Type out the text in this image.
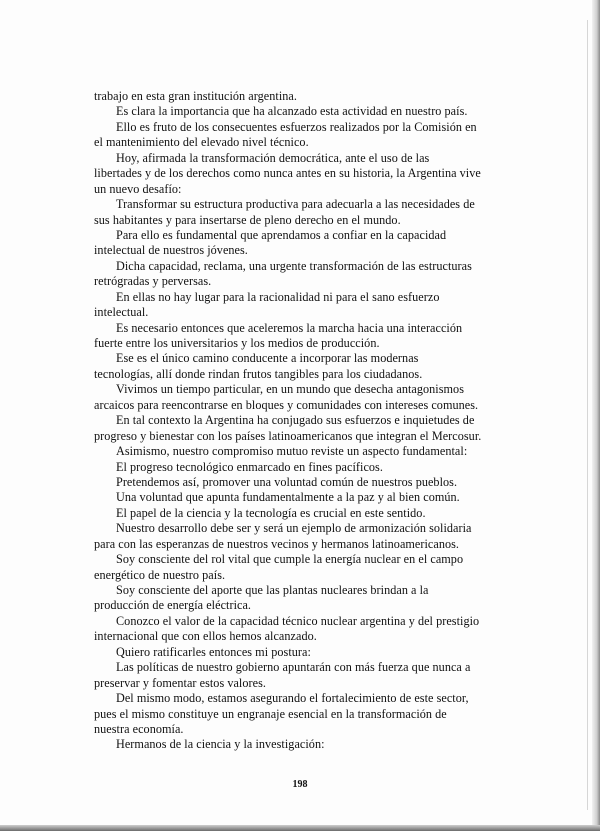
trabajo en esta gran institución argentina.
Es clara la importancia que ha alcanzado esta actividad en nuestro país.
Ello es fruto de los consecuentes esfuerzos realizados por la Comisión en
el mantenimiento del elevado nivel técnico.
Hoy, afirmada la transformación democrática, ante el uso de las
libertades y de los derechos como nunca antes en su historia, la Argentina vive
un nuevo desafío:
Transformar su estructura productiva para adecuarla a las necesidades de
sus habitantes y para insertarse de pleno derecho en el mundo.
Para ello es fundamental que aprendamos a confiar en la capacidad
intelectual de nuestros jóvenes.
Dicha capacidad, reclama, una urgente transformación de las estructuras
retrógradas y perversas.
En ellas no hay lugar para la racionalidad ni para el sano esfuerzo
intelectual.
Es necesario entonces que aceleremos la marcha hacia una interacción
fuerte entre los universitarios y los medios de producción.
Ese es el único camino conducente a incorporar las modernas
tecnologías, allí donde rindan frutos tangibles para los ciudadanos.
Vivimos un tiempo particular, en un mundo que desecha antagonismos
arcaicos para reencontrarse en bloques y comunidades con intereses comunes.
En tal contexto la Argentina ha conjugado sus esfuerzos e inquietudes de
progreso y bienestar con los países latinoamericanos que integran el Mercosur.
Asimismo, nuestro compromiso mutuo reviste un aspecto fundamental:
El progreso tecnológico enmarcado en fines pacíficos.
Pretendemos así, promover una voluntad común de nuestros pueblos.
Una voluntad que apunta fundamentalmente a la paz y al bien común.
El papel de la ciencia y la tecnología es crucial en este sentido.
Nuestro desarrollo debe ser y será un ejemplo de armonización solidaria
para con las esperanzas de nuestros vecinos y hermanos latinoamericanos.
Soy consciente del rol vital que cumple la energía nuclear en el campo
energético de nuestro país.
Soy consciente del aporte que las plantas nucleares brindan a la
producción de energía eléctrica.
Conozco el valor de la capacidad técnico nuclear argentina y del prestigio
internacional que con ellos hemos alcanzado.
Quiero ratificarles entonces mi postura:
Las políticas de nuestro gobierno apuntarán con más fuerza que nunca a
preservar y fomentar estos valores.
Del mismo modo, estamos asegurando el fortalecimiento de este sector,
pues el mismo constituye un engranaje esencial en la transformación de
nuestra economía.
Hermanos de la ciencia y la investigación:
198
